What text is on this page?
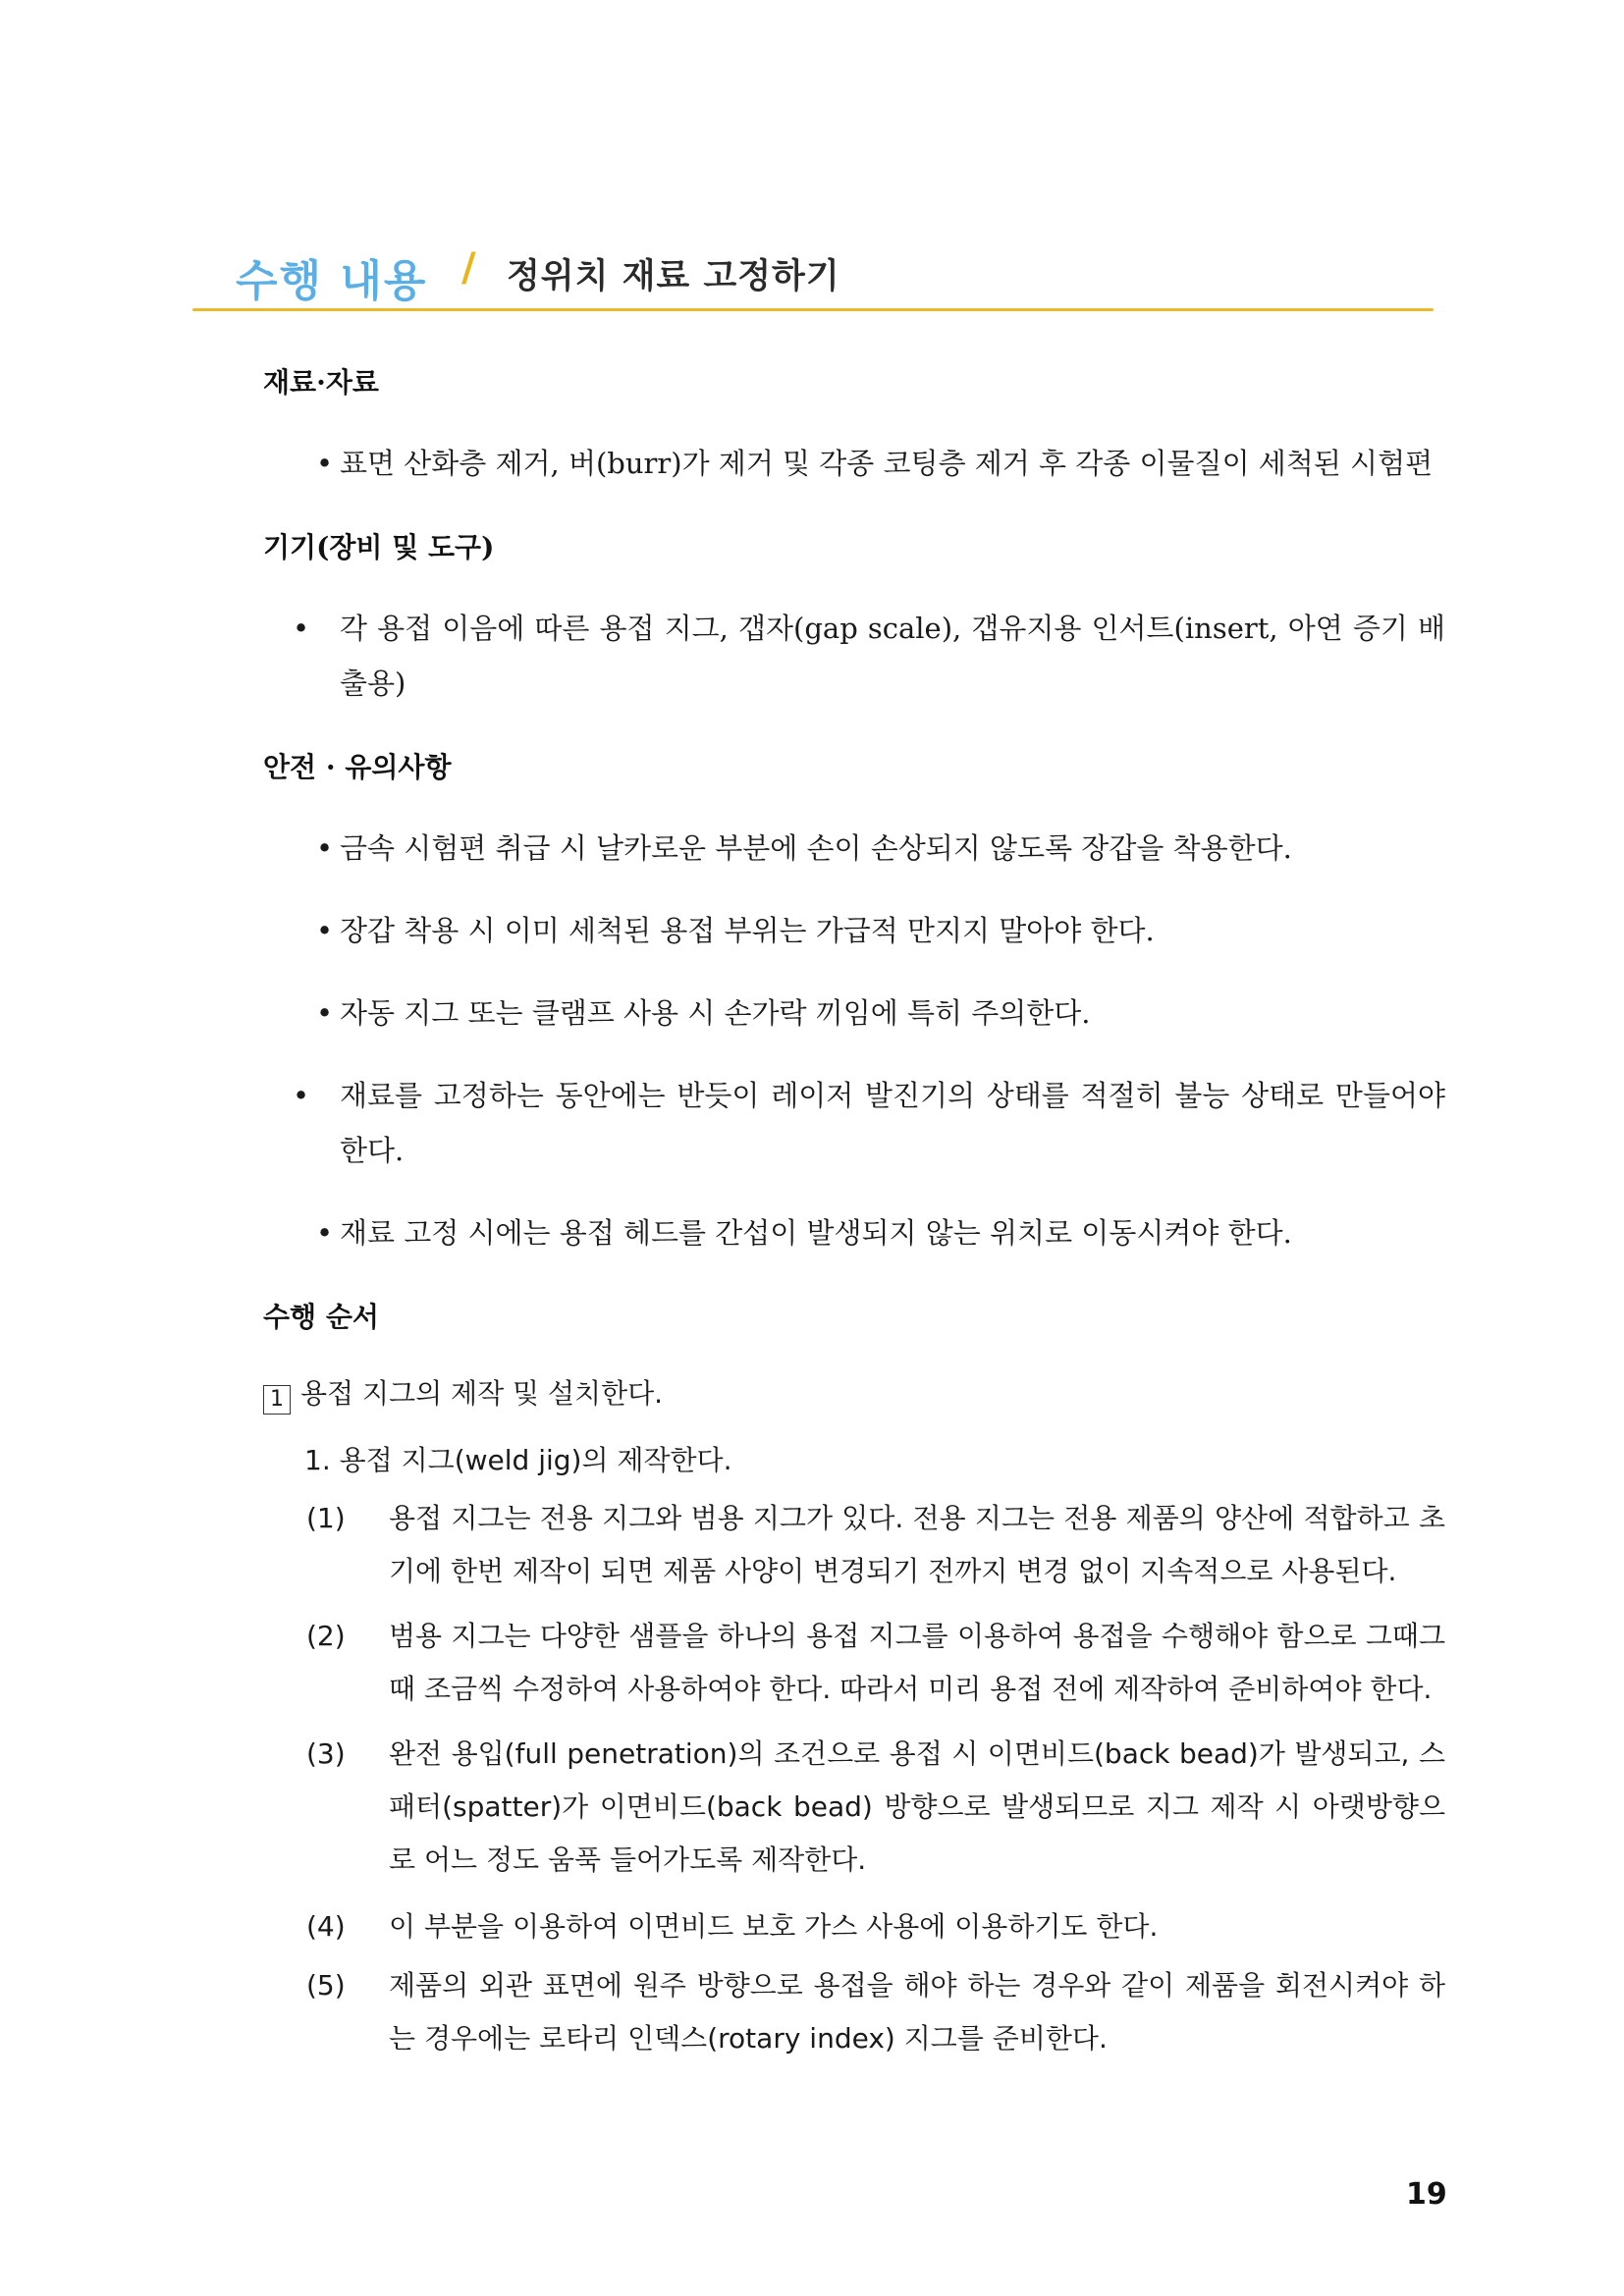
수행 내용 / 정위치 재료 고정하기
재료·자료
• 표면 산화층 제거, 버(burr)가 제거 및 각종 코팅층 제거 후 각종 이물질이 세척된 시험편
기기(장비 및 도구)
• 각 용접 이음에 따른 용접 지그, 갭자(gap scale), 갭유지용 인서트(insert, 아연 증기 배출용)
안전 · 유의사항
• 금속 시험편 취급 시 날카로운 부분에 손이 손상되지 않도록 장갑을 착용한다.
• 장갑 착용 시 이미 세척된 용접 부위는 가급적 만지지 말아야 한다.
• 자동 지그 또는 클램프 사용 시 손가락 끼임에 특히 주의한다.
• 재료를 고정하는 동안에는 반듯이 레이저 발진기의 상태를 적절히 불능 상태로 만들어야 한다.
• 재료 고정 시에는 용접 헤드를 간섭이 발생되지 않는 위치로 이동시켜야 한다.
수행 순서
1 용접 지그의 제작 및 설치한다.
1. 용접 지그(weld jig)의 제작한다.
(1) 용접 지그는 전용 지그와 범용 지그가 있다. 전용 지그는 전용 제품의 양산에 적합하고 초기에 한번 제작이 되면 제품 사양이 변경되기 전까지 변경 없이 지속적으로 사용된다.
(2) 범용 지그는 다양한 샘플을 하나의 용접 지그를 이용하여 용접을 수행해야 함으로 그때그때 조금씩 수정하여 사용하여야 한다. 따라서 미리 용접 전에 제작하여 준비하여야 한다.
(3) 완전 용입(full penetration)의 조건으로 용접 시 이면비드(back bead)가 발생되고, 스패터(spatter)가 이면비드(back bead) 방향으로 발생되므로 지그 제작 시 아랫방향으로 어느 정도 움푹 들어가도록 제작한다.
(4) 이 부분을 이용하여 이면비드 보호 가스 사용에 이용하기도 한다.
(5) 제품의 외관 표면에 원주 방향으로 용접을 해야 하는 경우와 같이 제품을 회전시켜야 하는 경우에는 로타리 인덱스(rotary index) 지그를 준비한다.
19
